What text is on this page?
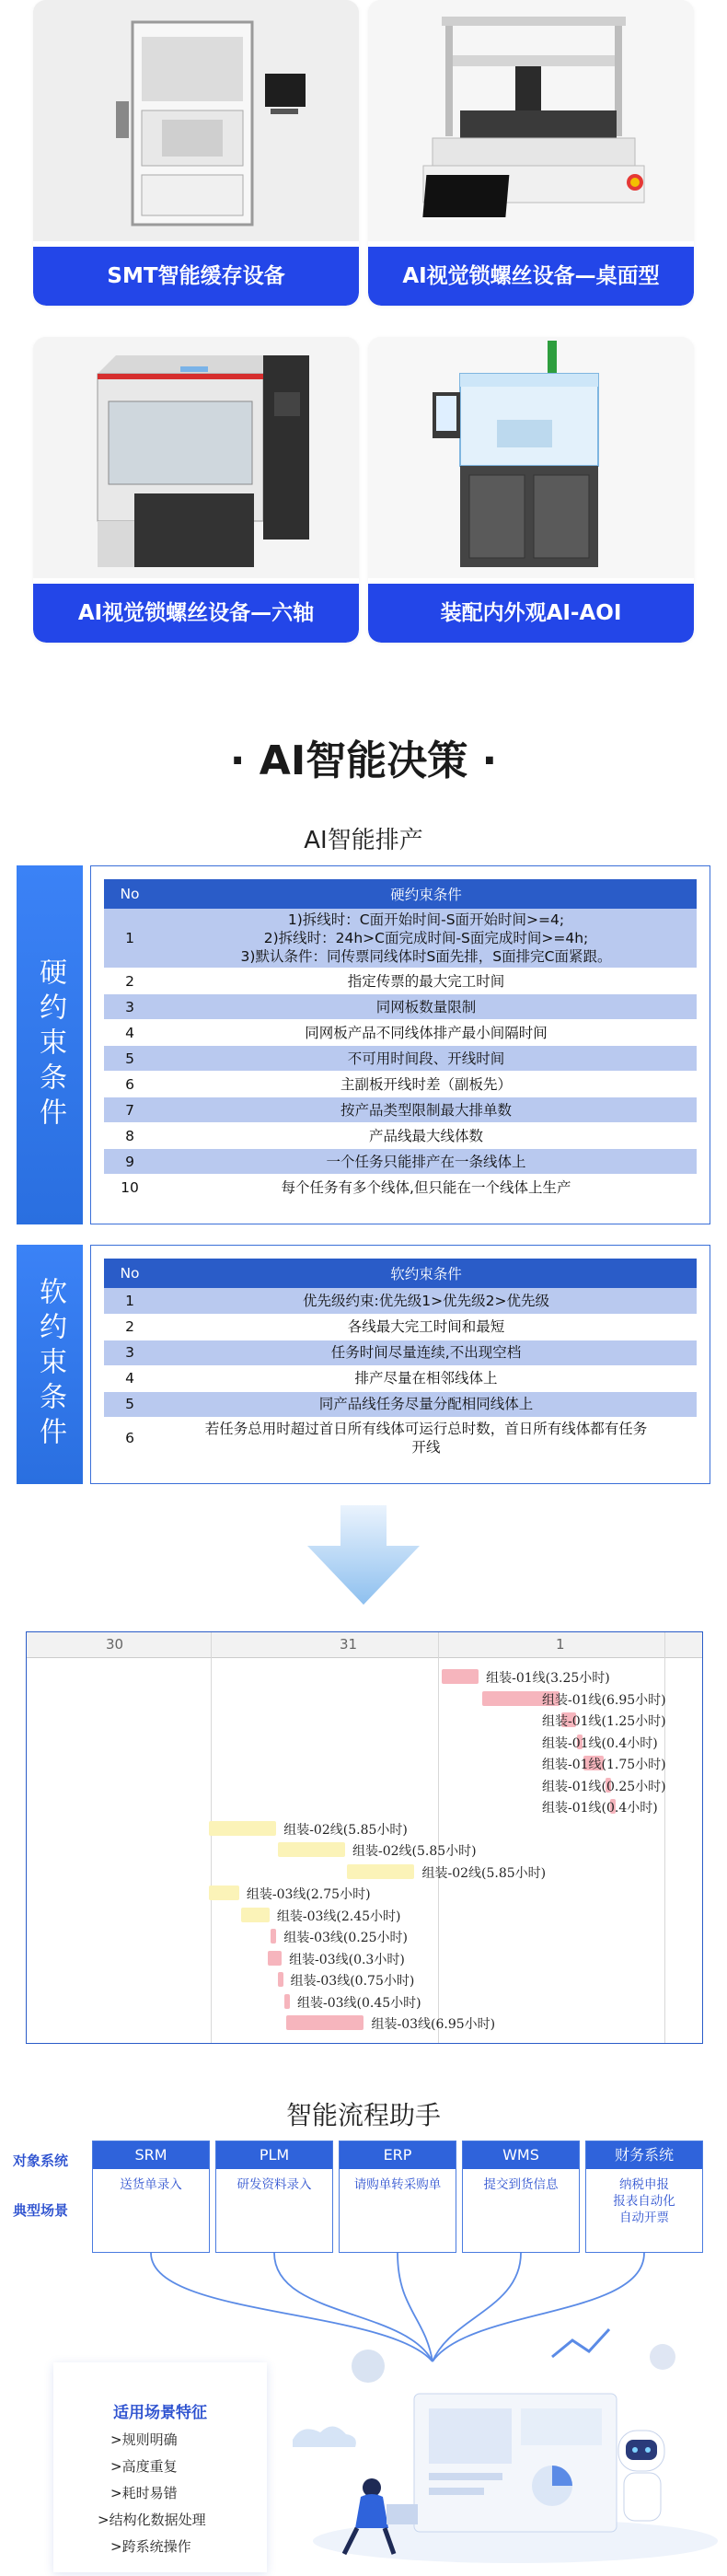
SMT智能缓存设备	AI视觉锁螺丝设备—桌面型
AI视觉锁螺丝设备—六轴	装配内外观AI-AOI
· AI智能决策 ·
AI智能排产
硬约束条件
No	硬约束条件
1	1)拆线时：C面开始时间-S面开始时间>=4;
2)拆线时：24h>C面完成时间-S面完成时间>=4h;
3)默认条件：同传票同线体时S面先排，S面排完C面紧跟。

2	指定传票的最大完工时间
3	同网板数量限制
4	同网板产品不同线体排产最小间隔时间
5	不可用时间段、开线时间
6	主副板开线时差（副板先）
7	按产品类型限制最大排单数
8	产品线最大线体数
9	一个任务只能排产在一条线体上
10	每个任务有多个线体,但只能在一个线体上生产
软约束条件
No	软约束条件
1	优先级约束:优先级1>优先级2>优先级
2	各线最大完工时间和最短
3	任务时间尽量连续,不出现空档
4	排产尽量在相邻线体上
5	同产品线任务尽量分配相同线体上
6	若任务总用时超过首日所有线体可运行总时数，首日所有线体都有任务
开线
30	31	1
组装-01线(3.25小时)
组装-01线(6.95小时)
组装-01线(1.25小时)
组装-01线(0.4小时)
组装-01线(1.75小时)
组装-01线(0.25小时)
组装-01线(0.4小时)
组装-02线(5.85小时)
组装-02线(5.85小时)
组装-02线(5.85小时)
组装-03线(2.75小时)
组装-03线(2.45小时)
组装-03线(0.25小时)
组装-03线(0.3小时)
组装-03线(0.75小时)
组装-03线(0.45小时)
组装-03线(6.95小时)
智能流程助手
对象系统
典型场景
SRM
送货单录入
PLM
研发资料录入
ERP
请购单转采购单
WMS
提交到货信息
财务系统
纳税申报
报表自动化
自动开票
适用场景特征
>规则明确
>高度重复
>耗时易错
>结构化数据处理
>跨系统操作
